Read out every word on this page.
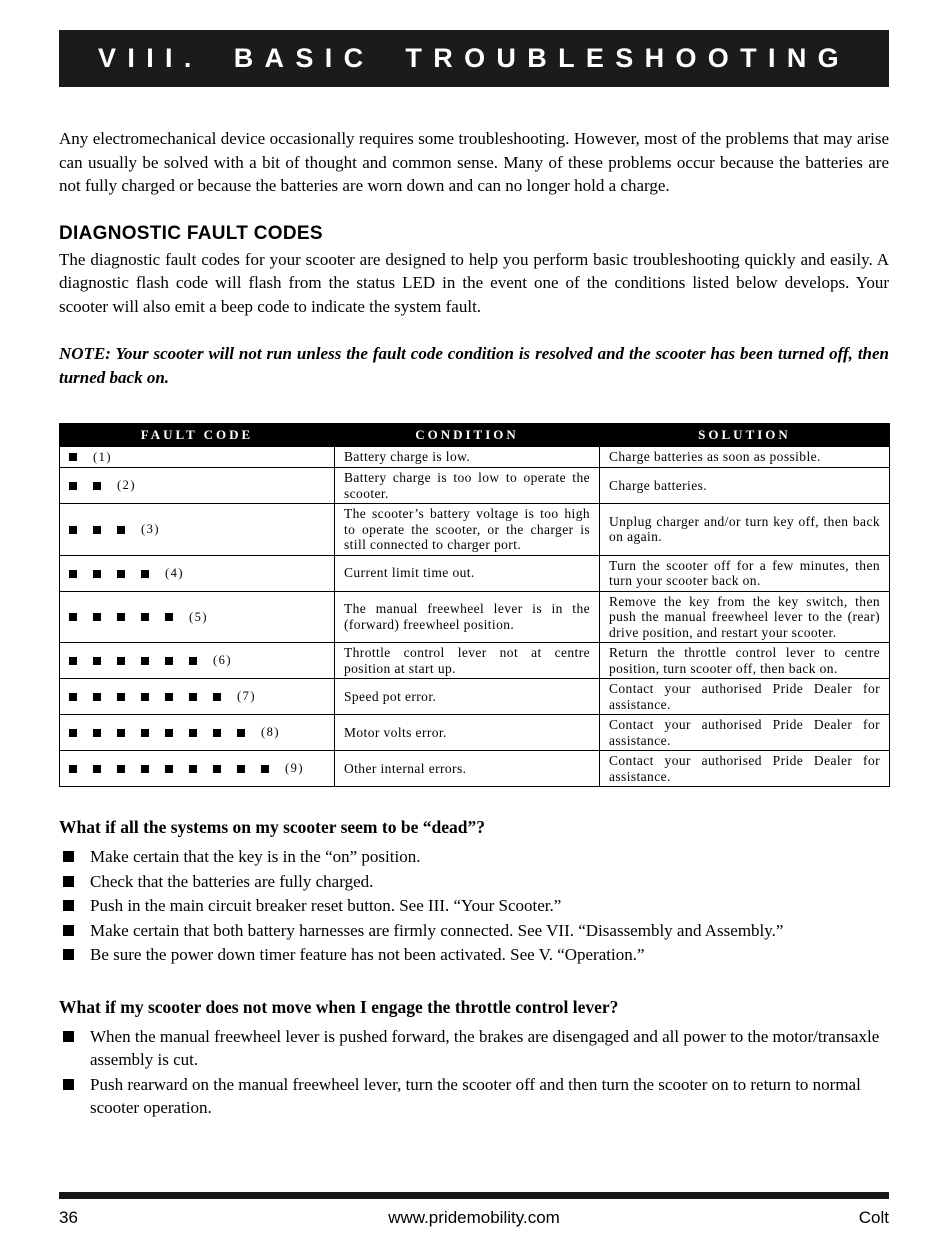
VIII. BASIC TROUBLESHOOTING

Any electromechanical device occasionally requires some troubleshooting. However, most of the problems that may arise can usually be solved with a bit of thought and common sense. Many of these problems occur because the batteries are not fully charged or because the batteries are worn down and can no longer hold a charge.

DIAGNOSTIC FAULT CODES

The diagnostic fault codes for your scooter are designed to help you perform basic troubleshooting quickly and easily. A diagnostic flash code will flash from the status LED in the event one of the conditions listed below develops. Your scooter will also emit a beep code to indicate the system fault.

NOTE: Your scooter will not run unless the fault code condition is resolved and the scooter has been turned off, then turned back on.

FAULT CODE	CONDITION	SOLUTION
(1)	Battery charge is low.	Charge batteries as soon as possible.
(2)	Battery charge is too low to operate the scooter.	Charge batteries.
(3)	The scooter’s battery voltage is too high to operate the scooter, or the charger is still connected to charger port.	Unplug charger and/or turn key off, then back on again.
(4)	Current limit time out.	Turn the scooter off for a few minutes, then turn your scooter back on.
(5)	The manual freewheel lever is in the (forward) freewheel position.	Remove the key from the key switch, then push the manual freewheel lever to the (rear) drive position, and restart your scooter.
(6)	Throttle control lever not at centre position at start up.	Return the throttle control lever to centre position, turn scooter off, then back on.
(7)	Speed pot error.	Contact your authorised Pride Dealer for assistance.
(8)	Motor volts error.	Contact your authorised Pride Dealer for assistance.
(9)	Other internal errors.	Contact your authorised Pride Dealer for assistance.
What if all the systems on my scooter seem to be “dead”?
Make certain that the key is in the “on” position.
Check that the batteries are fully charged.
Push in the main circuit breaker reset button. See III. “Your Scooter.”
Make certain that both battery harnesses are firmly connected. See VII. “Disassembly and Assembly.”
Be sure the power down timer feature has not been activated. See V. “Operation.”
What if my scooter does not move when I engage the throttle control lever?
When the manual freewheel lever is pushed forward, the brakes are disengaged and all power to the motor/transaxle assembly is cut.
Push rearward on the manual freewheel lever, turn the scooter off and then turn the scooter on to return to normal scooter operation.
36	www.pridemobility.com	Colt
